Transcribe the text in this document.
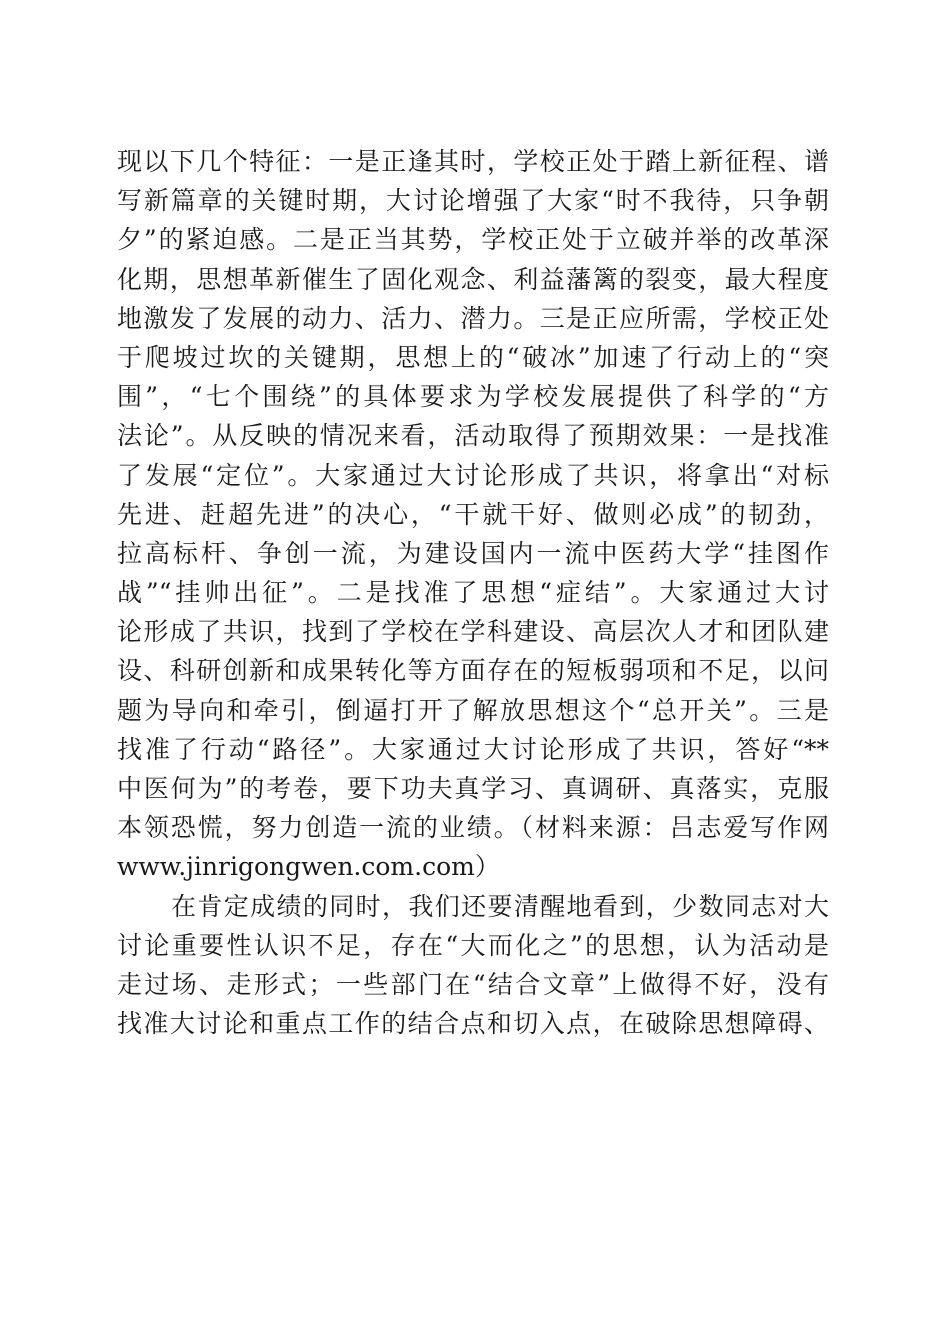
现以下几个特征：一是正逢其时，学校正处于踏上新征程、谱
写新篇章的关键时期，大讨论增强了大家“时不我待，只争朝
夕”的紧迫感。二是正当其势，学校正处于立破并举的改革深
化期，思想革新催生了固化观念、利益藩篱的裂变，最大程度
地激发了发展的动力、活力、潜力。三是正应所需，学校正处
于爬坡过坎的关键期，思想上的“破冰”加速了行动上的“突
围”，“七个围绕”的具体要求为学校发展提供了科学的“方
法论”。从反映的情况来看，活动取得了预期效果：一是找准
了发展“定位”。大家通过大讨论形成了共识，将拿出“对标
先进、赶超先进”的决心，“干就干好、做则必成”的韧劲，
拉高标杆、争创一流，为建设国内一流中医药大学“挂图作
战”“挂帅出征”。二是找准了思想“症结”。大家通过大讨
论形成了共识，找到了学校在学科建设、高层次人才和团队建
设、科研创新和成果转化等方面存在的短板弱项和不足，以问
题为导向和牵引，倒逼打开了解放思想这个“总开关”。三是
找准了行动“路径”。大家通过大讨论形成了共识，答好“**
中医何为”的考卷，要下功夫真学习、真调研、真落实，克服
本领恐慌，努力创造一流的业绩。（材料来源：吕志爱写作网
www.jinrigongwen.com.com）
在肯定成绩的同时，我们还要清醒地看到，少数同志对大
讨论重要性认识不足，存在“大而化之”的思想，认为活动是
走过场、走形式；一些部门在“结合文章”上做得不好，没有
找准大讨论和重点工作的结合点和切入点，在破除思想障碍、
